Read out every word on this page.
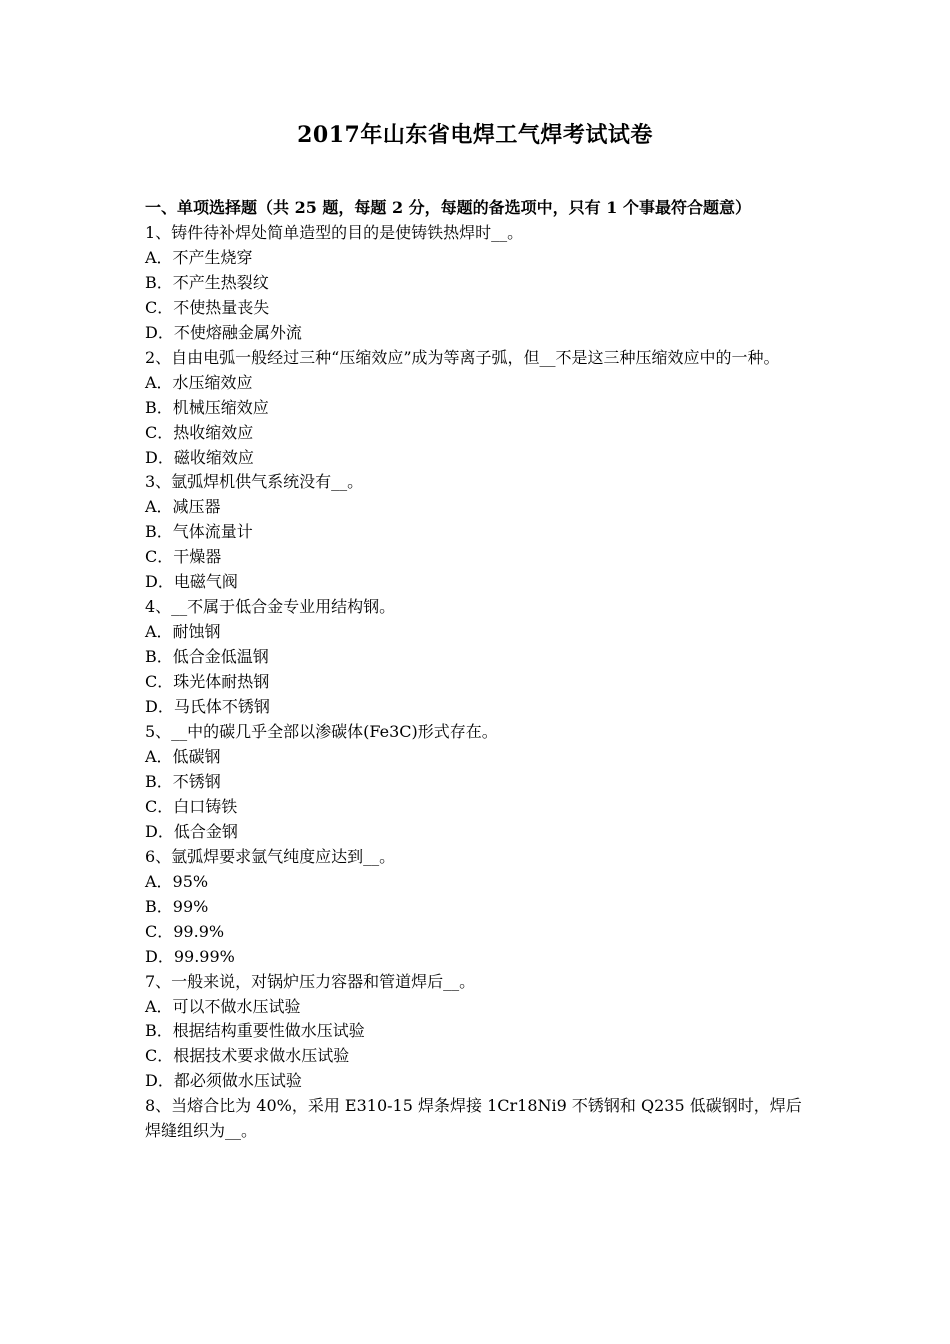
2017年山东省电焊工气焊考试试卷

一、单项选择题（共 25 题，每题 2 分，每题的备选项中，只有 1 个事最符合题意）

1、铸件待补焊处简单造型的目的是使铸铁热焊时__。

A．不产生烧穿

B．不产生热裂纹

C．不使热量丧失

D．不使熔融金属外流

2、自由电弧一般经过三种“压缩效应”成为等离子弧，但__不是这三种压缩效应中的一种。

A．水压缩效应

B．机械压缩效应

C．热收缩效应

D．磁收缩效应

3、氩弧焊机供气系统没有__。

A．减压器

B．气体流量计

C．干燥器

D．电磁气阀

4、__不属于低合金专业用结构钢。

A．耐蚀钢

B．低合金低温钢

C．珠光体耐热钢

D．马氏体不锈钢

5、__中的碳几乎全部以渗碳体(Fe3C)形式存在。

A．低碳钢

B．不锈钢

C．白口铸铁

D．低合金钢

6、氩弧焊要求氩气纯度应达到__。

A．95%

B．99%

C．99.9%

D．99.99%

7、一般来说，对锅炉压力容器和管道焊后__。

A．可以不做水压试验

B．根据结构重要性做水压试验

C．根据技术要求做水压试验

D．都必须做水压试验

8、当熔合比为 40%，采用 E310-15 焊条焊接 1Cr18Ni9 不锈钢和 Q235 低碳钢时，焊后焊缝组织为__。
